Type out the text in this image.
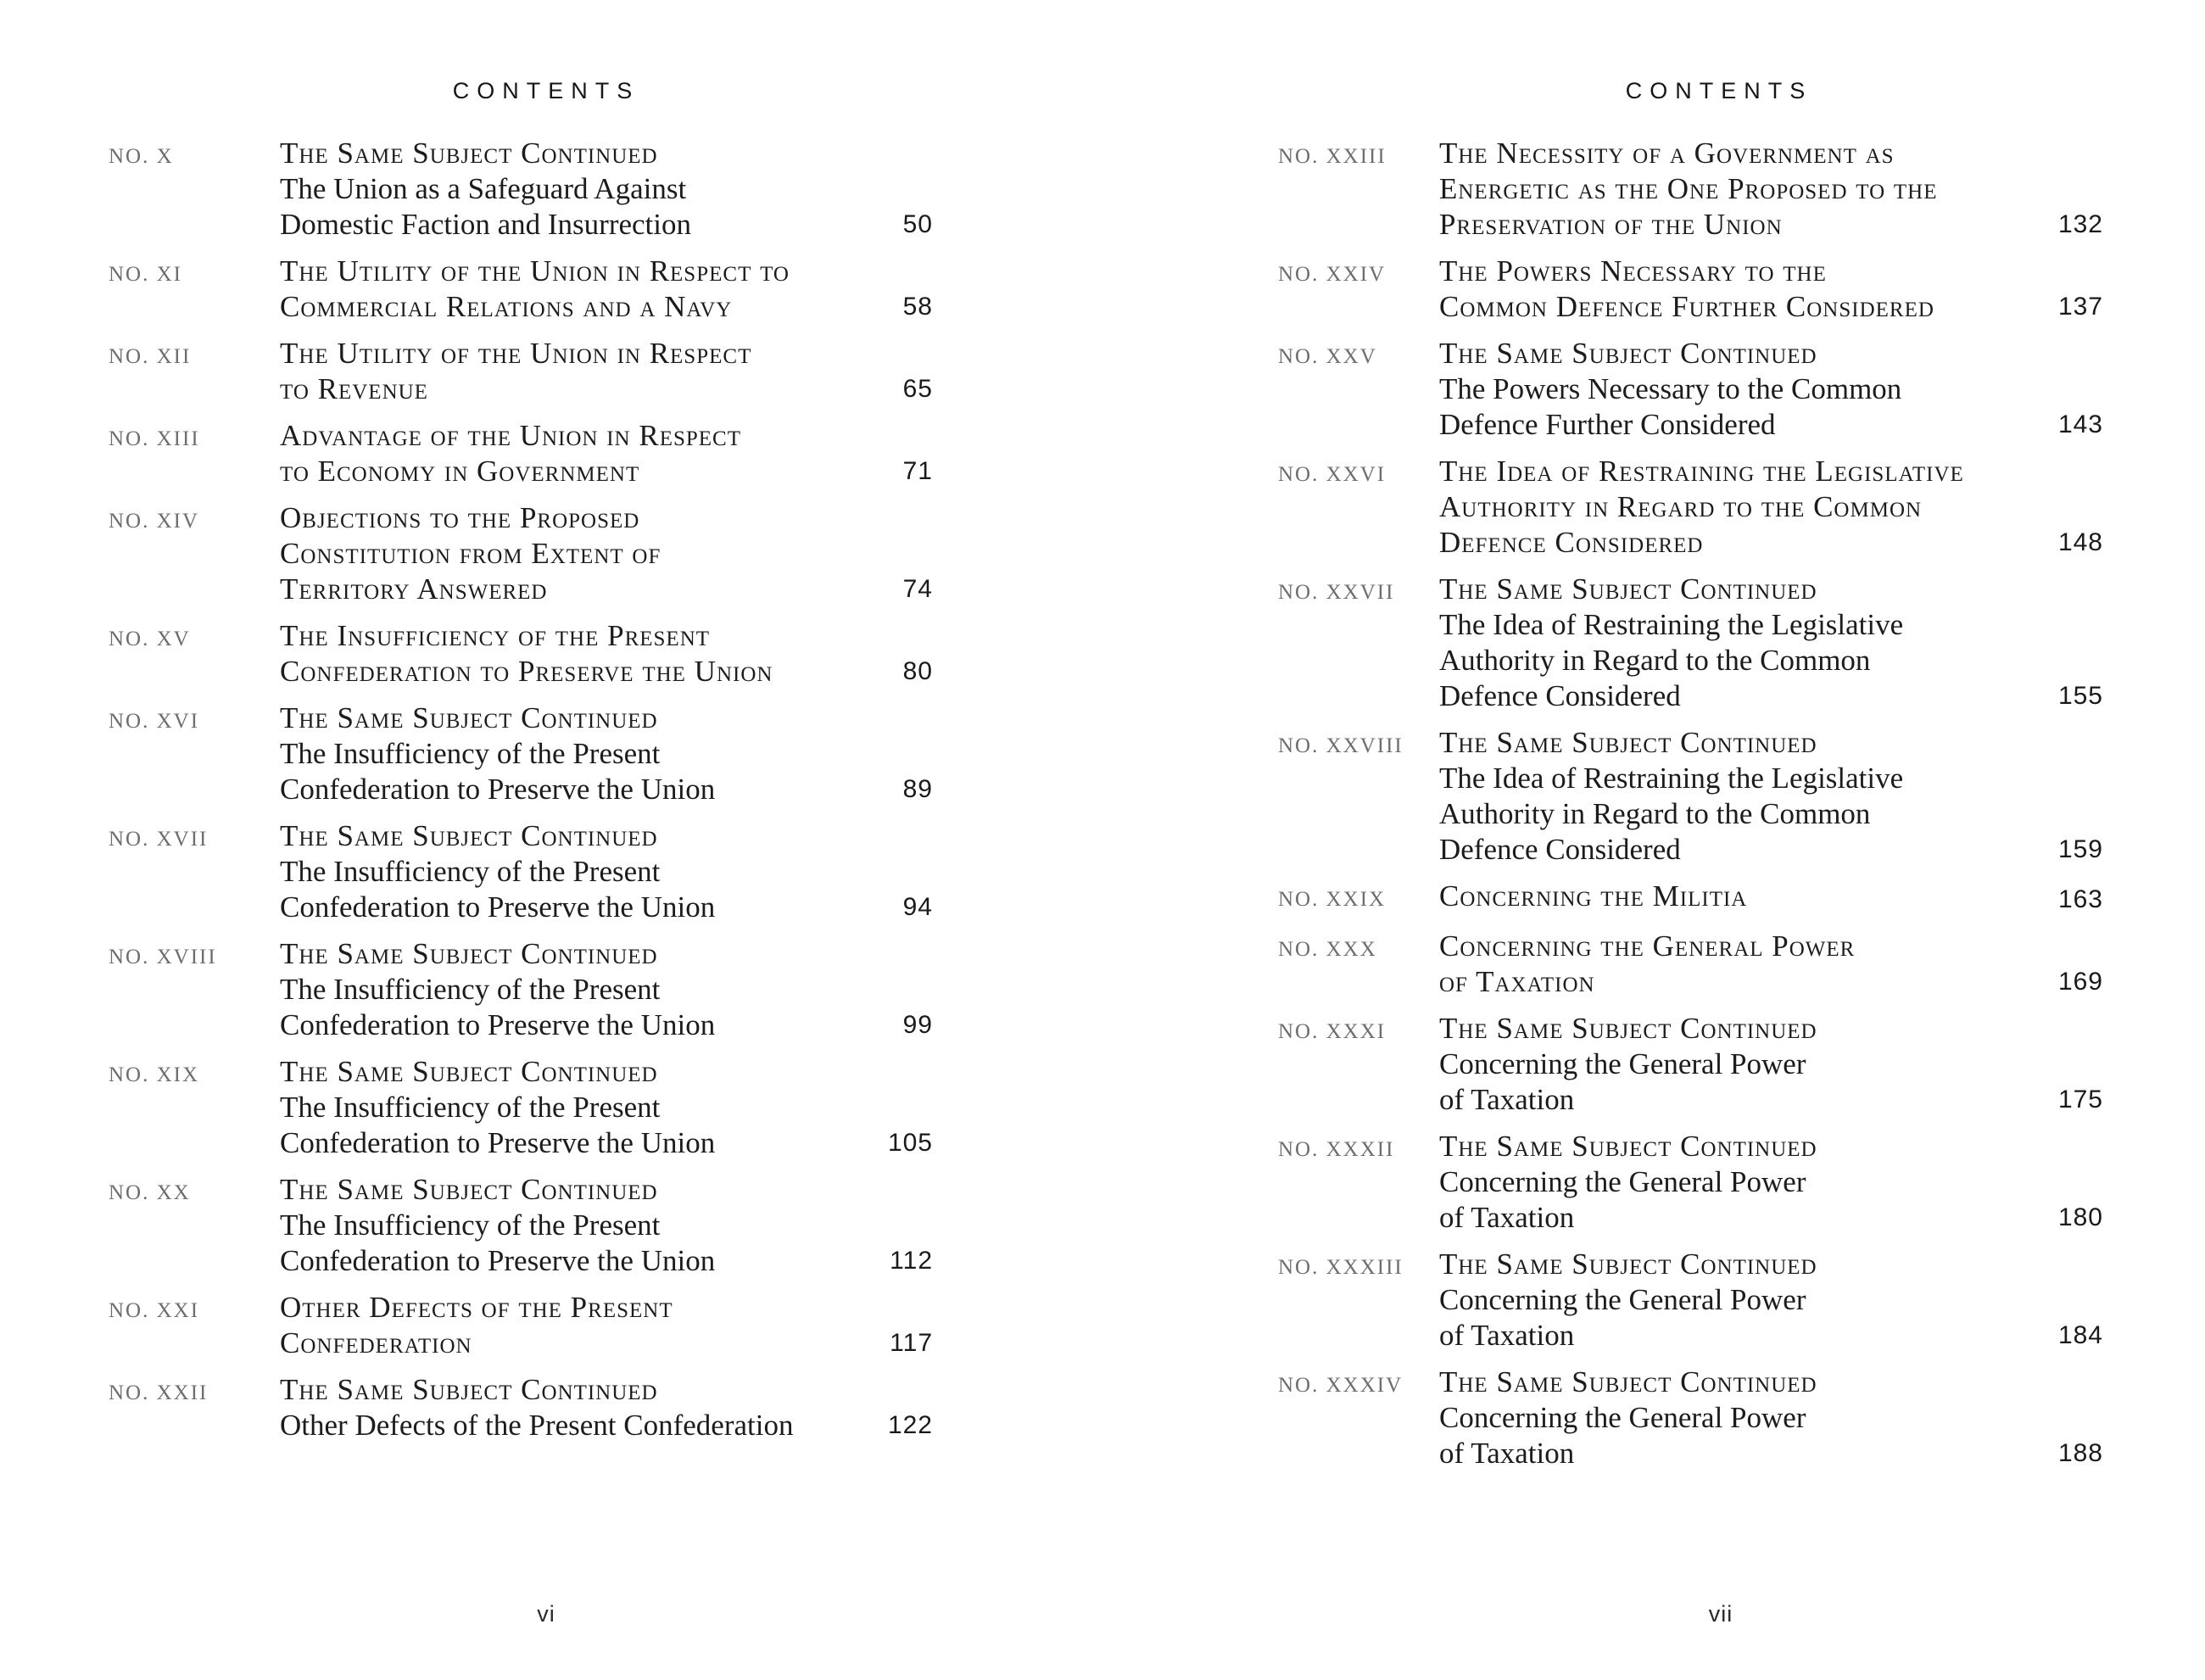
CONTENTS
NO. X	The Same Subject Continued
The Union as a Safeguard Against
Domestic Faction and Insurrection	50
NO. XI	The Utility of the Union in Respect to
Commercial Relations and a Navy	58
NO. XII	The Utility of the Union in Respect
to Revenue	65
NO. XIII	Advantage of the Union in Respect
to Economy in Government	71
NO. XIV	Objections to the Proposed
Constitution from Extent of
Territory Answered	74
NO. XV	The Insufficiency of the Present
Confederation to Preserve the Union	80
NO. XVI	The Same Subject Continued
The Insufficiency of the Present
Confederation to Preserve the Union	89
NO. XVII	The Same Subject Continued
The Insufficiency of the Present
Confederation to Preserve the Union	94
NO. XVIII	The Same Subject Continued
The Insufficiency of the Present
Confederation to Preserve the Union	99
NO. XIX	The Same Subject Continued
The Insufficiency of the Present
Confederation to Preserve the Union	105
NO. XX	The Same Subject Continued
The Insufficiency of the Present
Confederation to Preserve the Union	112
NO. XXI	Other Defects of the Present
Confederation	117
NO. XXII	The Same Subject Continued
Other Defects of the Present Confederation	122
vi
CONTENTS
NO. XXIII	The Necessity of a Government as
Energetic as the One Proposed to the
Preservation of the Union	132
NO. XXIV	The Powers Necessary to the
Common Defence Further Considered	137
NO. XXV	The Same Subject Continued
The Powers Necessary to the Common
Defence Further Considered	143
NO. XXVI	The Idea of Restraining the Legislative
Authority in Regard to the Common
Defence Considered	148
NO. XXVII	The Same Subject Continued
The Idea of Restraining the Legislative
Authority in Regard to the Common
Defence Considered	155
NO. XXVIII	The Same Subject Continued
The Idea of Restraining the Legislative
Authority in Regard to the Common
Defence Considered	159
NO. XXIX	Concerning the Militia	163
NO. XXX	Concerning the General Power
of Taxation	169
NO. XXXI	The Same Subject Continued
Concerning the General Power
of Taxation	175
NO. XXXII	The Same Subject Continued
Concerning the General Power
of Taxation	180
NO. XXXIII	The Same Subject Continued
Concerning the General Power
of Taxation	184
NO. XXXIV	The Same Subject Continued
Concerning the General Power
of Taxation	188
vii
